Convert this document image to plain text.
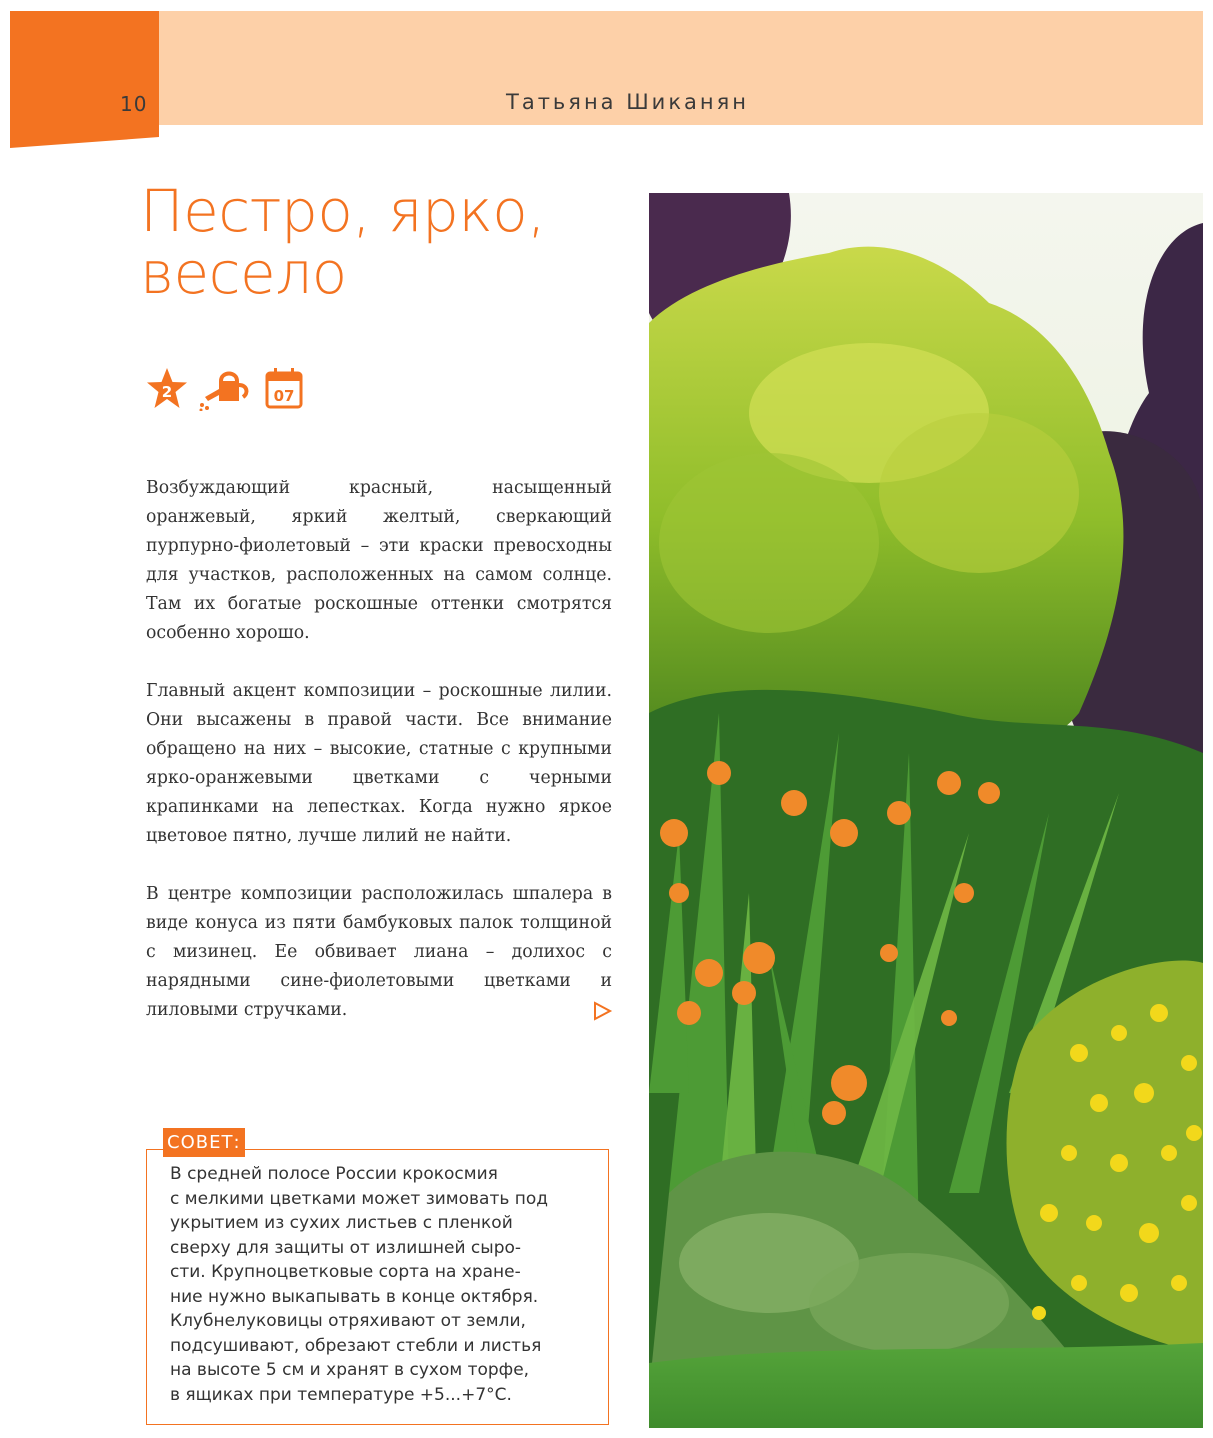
10	Татьяна Шиканян
Пестро, ярко, весело
2	07

Возбуждающий красный, насыщенный оранжевый, яркий желтый, сверкающий пурпурно-фиолетовый – эти краски превосходны для участков, расположенных на самом солнце. Там их богатые роскошные оттенки смотрятся особенно хорошо.

Главный акцент композиции – роскошные лилии. Они высажены в правой части. Все внимание обращено на них – высокие, статные с крупными ярко-оранжевыми цветками с черными крапинками на лепестках. Когда нужно яркое цветовое пятно, лучше лилий не найти.

В центре композиции расположилась шпалера в виде конуса из пяти бамбуковых палок толщиной с мизинец. Ее обвивает лиана – долихос с нарядными сине-фиолетовыми цветками и лиловыми стручками.

СОВЕТ:
В средней полосе России крокосмия
с мелкими цветками может зимовать под
укрытием из сухих листьев с пленкой
сверху для защиты от излишней сыро-
сти. Крупноцветковые сорта на хране-
ние нужно выкапывать в конце октября.
Клубнелуковицы отряхивают от земли,
подсушивают, обрезают стебли и листья
на высоте 5 см и хранят в сухом торфе,
в ящиках при температуре +5...+7°С.
